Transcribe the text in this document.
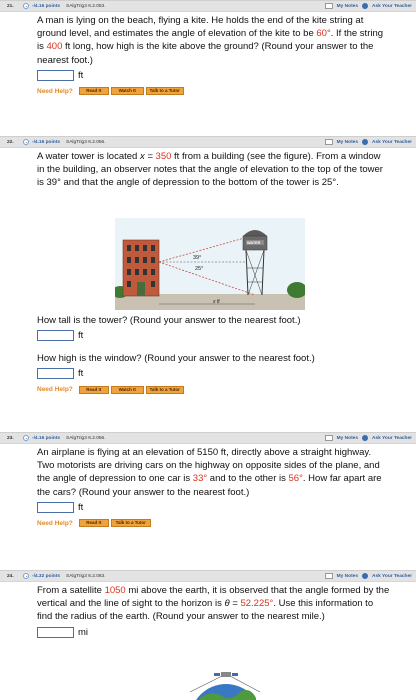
21.	-/4.16 points SAlgTrig3 6.2.053.	My Notes	Ask Your Teacher

A man is lying on the beach, flying a kite. He holds the end of the kite string at ground level, and estimates the angle of elevation of the kite to be 60°. If the string is 400 ft long, how high is the kite above the ground? (Round your answer to the nearest foot.)

ft
Need Help?	Read It	Watch It	Talk to a Tutor
22.	-/4.16 points SAlgTrig3 6.2.056.	My Notes	Ask Your Teacher

A water tower is located x = 350 ft from a building (see the figure). From a window in the building, an observer notes that the angle of elevation to the top of the tower is 39° and that the angle of depression to the bottom of the tower is 25°.

39°
25°
x ft
WATER

How tall is the tower? (Round your answer to the nearest foot.)

ft

How high is the window? (Round your answer to the nearest foot.)

ft
Need Help?	Read It	Watch It	Talk to a Tutor
23.	-/4.16 points SAlgTrig3 6.2.056.	My Notes	Ask Your Teacher

An airplane is flying at an elevation of 5150 ft, directly above a straight highway. Two motorists are driving cars on the highway on opposite sides of the plane, and the angle of depression to one car is 33° and to the other is 56°. How far apart are the cars? (Round your answer to the nearest foot.)

ft
Need Help?	Read It	Talk to a Tutor
24.	-/4.32 points SAlgTrig3 6.2.063.	My Notes	Ask Your Teacher

From a satellite 1050 mi above the earth, it is observed that the angle formed by the vertical and the line of sight to the horizon is θ = 52.225°. Use this information to find the radius of the earth. (Round your answer to the nearest mile.)

mi
